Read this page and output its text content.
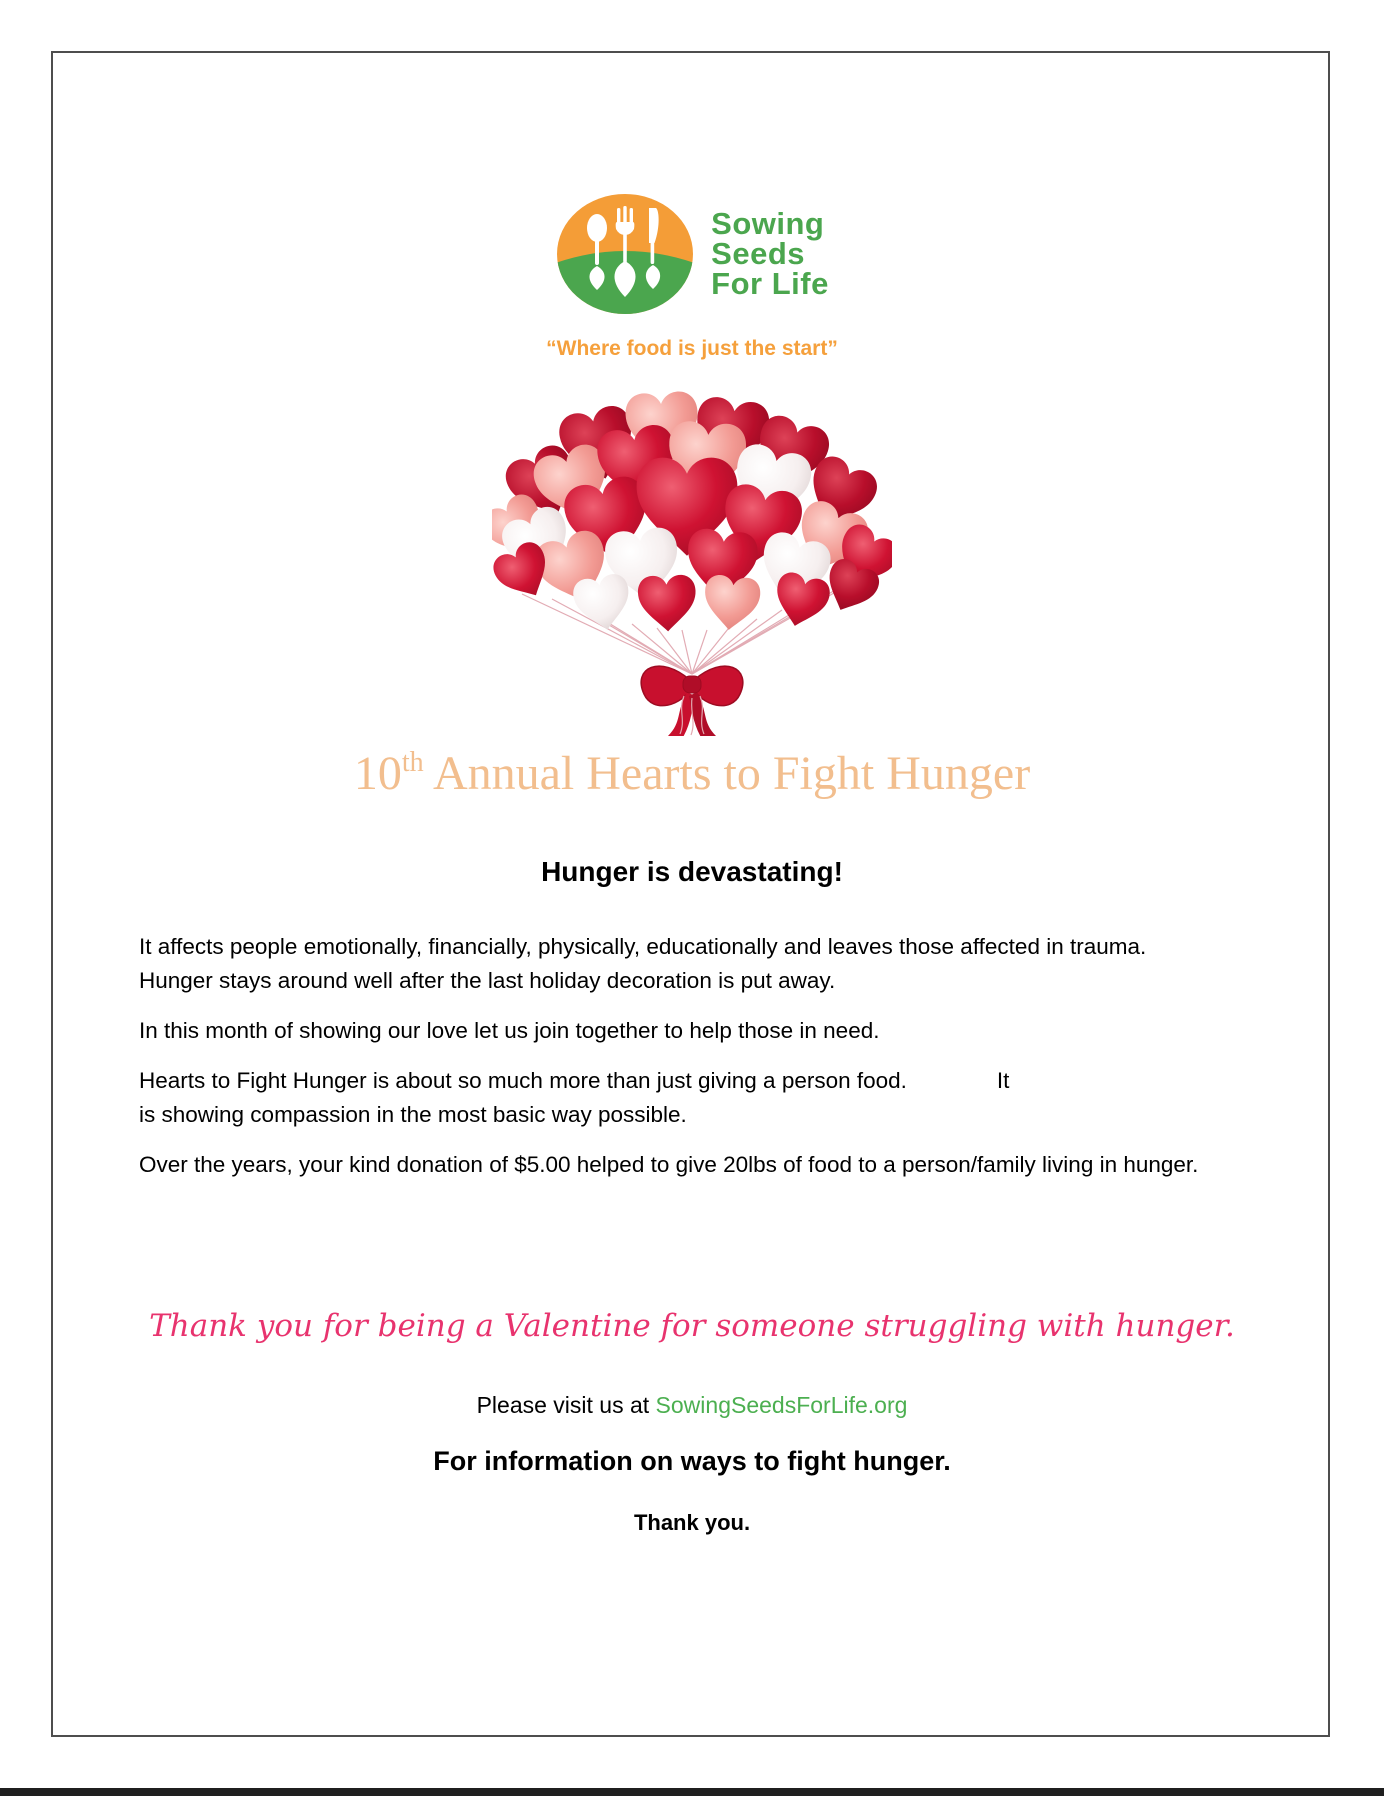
Sowing
Seeds
For Life
“Where food is just the start”
10th Annual Hearts to Fight Hunger
Hunger is devastating!

It affects people emotionally, financially, physically, educationally and leaves those affected in trauma. Hunger stays around well after the last holiday decoration is put away.

In this month of showing our love let us join together to help those in need.

Hearts to Fight Hunger is about so much more than just giving a person food.	It
is showing compassion in the most basic way possible.

Over the years, your kind donation of $5.00 helped to give 20lbs of food to a person/family living in hunger.

Thank you for being a Valentine for someone struggling with hunger.
Please visit us at SowingSeedsForLife.org
For information on ways to fight hunger.
Thank you.
